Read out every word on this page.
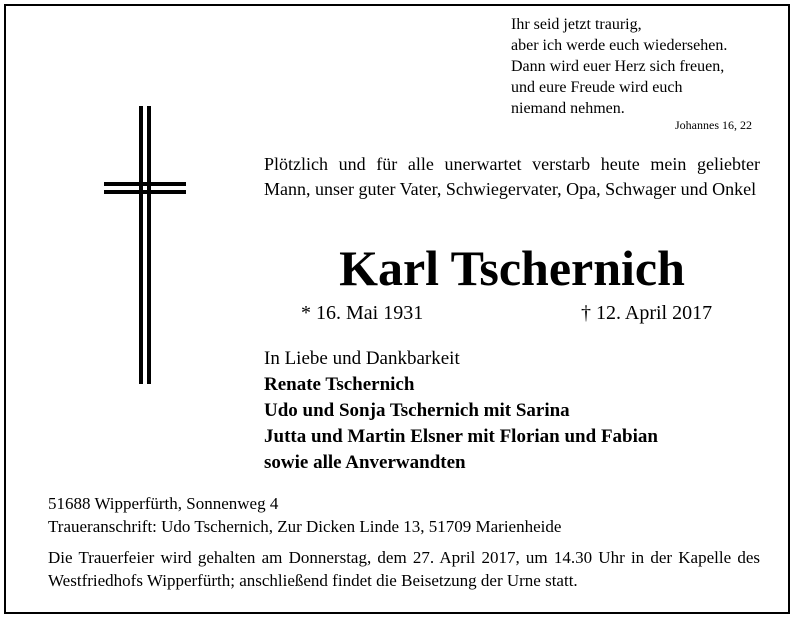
Ihr seid jetzt traurig,
aber ich werde euch wiedersehen.
Dann wird euer Herz sich freuen,
und eure Freude wird euch
niemand nehmen.
Johannes 16, 22
Plötzlich und für alle unerwartet verstarb heute mein geliebter Mann, unser guter Vater, Schwiegervater, Opa, Schwager und Onkel
Karl Tschernich
* 16. Mai 1931	† 12. April 2017
In Liebe und Dankbarkeit
Renate Tschernich
Udo und Sonja Tschernich mit Sarina
Jutta und Martin Elsner mit Florian und Fabian
sowie alle Anverwandten
51688 Wipperfürth, Sonnenweg 4
Traueranschrift: Udo Tschernich, Zur Dicken Linde 13, 51709 Marienheide
Die Trauerfeier wird gehalten am Donnerstag, dem 27. April 2017, um 14.30 Uhr in der Kapelle des Westfriedhofs Wipperfürth; anschließend findet die Beisetzung der Urne statt.
